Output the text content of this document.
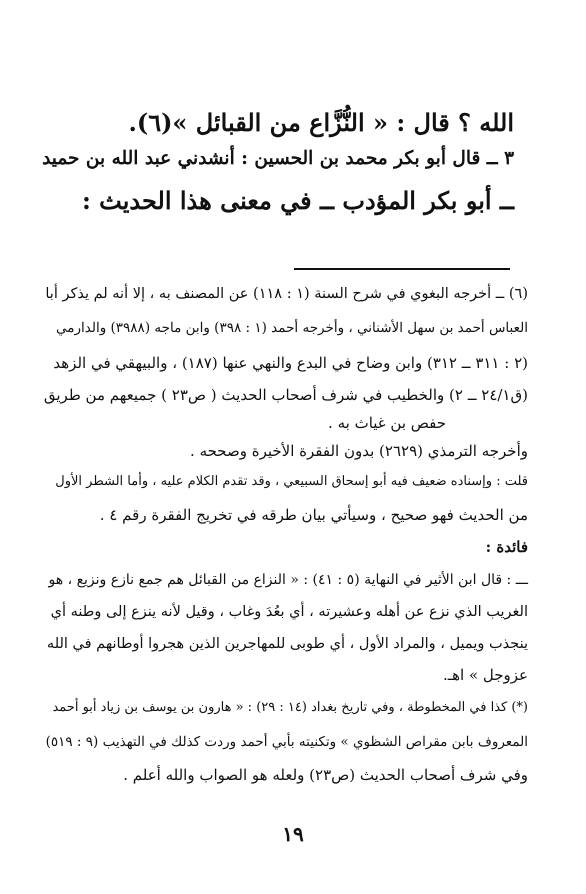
الله ؟ قال : « النُّزَّاع من القبائل »(٦).
٣ ــ قال أبو بكر محمد بن الحسين : أنشدني عبد الله بن حميد
ــ أبو بكر المؤدب ــ في معنى هذا الحديث :
(٦) ــ أخرجه البغوي في شرح السنة (١ : ١١٨) عن المصنف به ، إلا أنه لم يذكر أبا
العباس أحمد بن سهل الأشناني ، وأخرجه أحمد (١ : ٣٩٨) وابن ماجه (٣٩٨٨) والدارمي
(٢ : ٣١١ ــ ٣١٢) وابن وضاح في البدع والنهي عنها (١٨٧) ، والبيهقي في الزهد
(ق٢٤/١ ــ ٢) والخطيب في شرف أصحاب الحديث ( ص٢٣ ) جميعهم من طريق
حفص بن غياث به .
وأخرجه الترمذي (٢٦٢٩) بدون الفقرة الأخيرة وصححه .
قلت : وإسناده ضعيف فيه أبو إسحاق السبيعي ، وقد تقدم الكلام عليه ، وأما الشطر الأول
من الحديث فهو صحيح ، وسيأتي بيان طرقه في تخريج الفقرة رقم ٤ .
فائدة :
ـــ : قال ابن الأثير في النهاية (٥ : ٤١) : « النزاع من القبائل هم جمع نازع ونزيع ، هو
الغريب الذي نزع عن أهله وعشيرته ، أي بعُدَ وغاب ، وقيل لأنه ينزع إلى وطنه أي
ينجذب ويميل ، والمراد الأول ، أي طوبى للمهاجرين الذين هجروا أوطانهم في الله
عزوجل » اهـ.
(*) كذا في المخطوطة ، وفي تاريخ بغداد (١٤ : ٢٩) : « هارون بن يوسف بن زياد أبو أحمد
المعروف بابن مقراص الشظوي » وتكنيته بأبي أحمد وردت كذلك في التهذيب (٩ : ٥١٩)
وفي شرف أصحاب الحديث (ص٢٣) ولعله هو الصواب والله أعلم .
١٩
